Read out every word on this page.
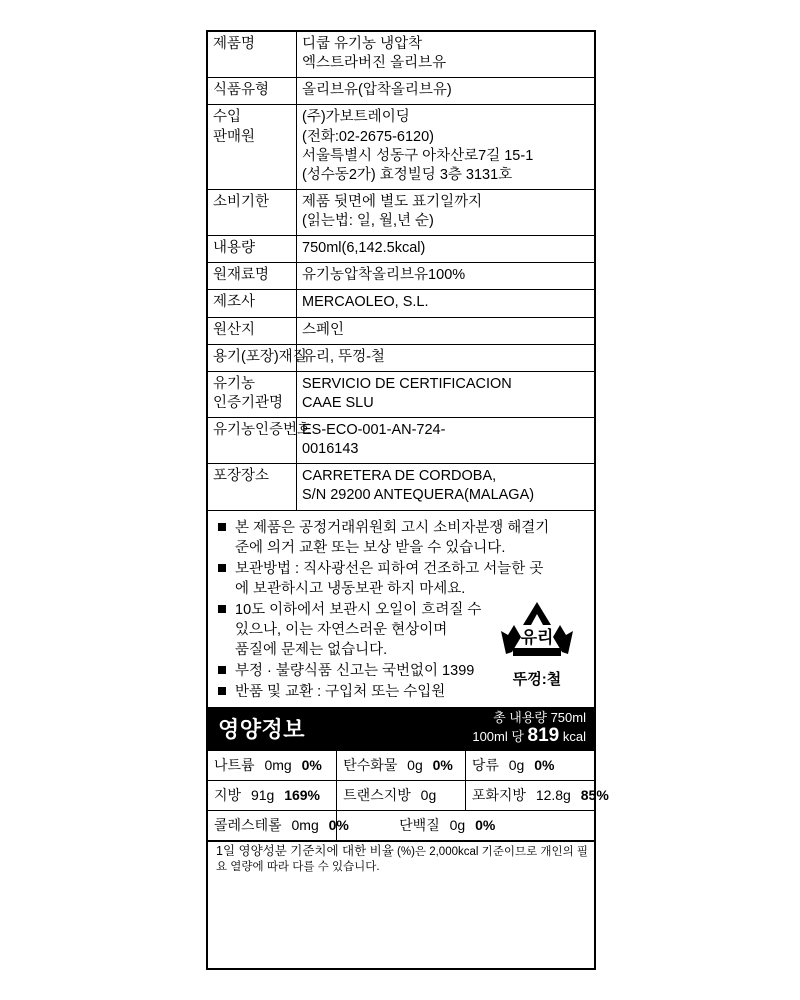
제품명	디쿱 유기농 냉압착
엑스트라버진 올리브유

식품유형	올리브유(압착올리브유)

수입
판매원	(주)가보트레이딩
(전화:02-2675-6120)
서울특별시 성동구 아차산로7길 15-1
(성수동2가) 효정빌딩 3층 3131호

소비기한	제품 뒷면에 별도 표기일까지
(읽는법: 일, 월,년 순)

내용량	750ml(6,142.5kcal)

원재료명	유기농압착올리브유100%

제조사	MERCAOLEO, S.L.

원산지	스페인

용기(포장)재질	유리, 뚜껑-철

유기농
인증기관명	SERVICIO DE CERTIFICACION
CAAE SLU

유기농인증번호	ES-ECO-001-AN-724-
0016143

포장장소	CARRETERA DE CORDOBA,
S/N 29200 ANTEQUERA(MALAGA)
본 제품은 공정거래위원회 고시 소비자분쟁 해결기
준에 의거 교환 또는 보상 받을 수 있습니다.
보관방법 : 직사광선은 피하여 건조하고 서늘한 곳
에 보관하시고 냉동보관 하지 마세요.
10도 이하에서 보관시 오일이 흐려질 수
있으나, 이는 자연스러운 현상이며
품질에 문제는 없습니다.
부정 · 불량식품 신고는 국번없이 1399
반품 및 교환 : 구입처 또는 수입원
유리
뚜껑:철
영양정보
총 내용량 750ml
100ml 당 819 kcal
나트륨 0mg 0%	탄수화물 0g 0%	당류 0g 0%
지방 91g 169%	트랜스지방 0g	포화지방 12.8g 85%
콜레스테롤 0mg 0%	단백질 0g 0%	
1일 영양성분 기준치에 대한 비율 (%)은 2,000kcal 기준이므로 개인의 필요 열량에 따라 다를 수 있습니다.
